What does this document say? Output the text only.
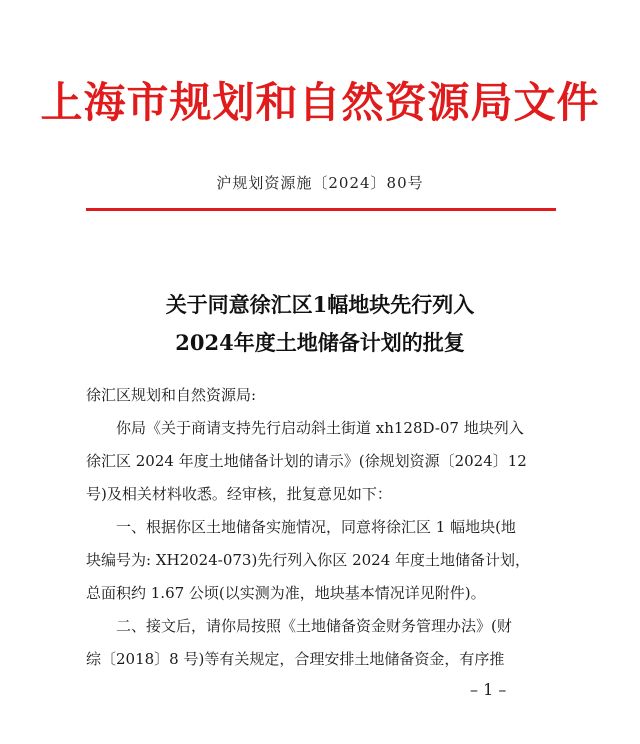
上海市规划和自然资源局文件
沪规划资源施〔2024〕80号
关于同意徐汇区1幅地块先行列入
2024年度土地储备计划的批复
徐汇区规划和自然资源局:
你局《关于商请支持先行启动斜土街道 xh128D-07 地块列入
徐汇区 2024 年度土地储备计划的请示》(徐规划资源〔2024〕12
号)及相关材料收悉。经审核，批复意见如下：
一、根据你区土地储备实施情况，同意将徐汇区 1 幅地块(地
块编号为: XH2024-073)先行列入你区 2024 年度土地储备计划，
总面积约 1.67 公顷(以实测为准，地块基本情况详见附件)。
二、接文后，请你局按照《土地储备资金财务管理办法》(财
综〔2018〕8 号)等有关规定，合理安排土地储备资金，有序推
– 1 –
